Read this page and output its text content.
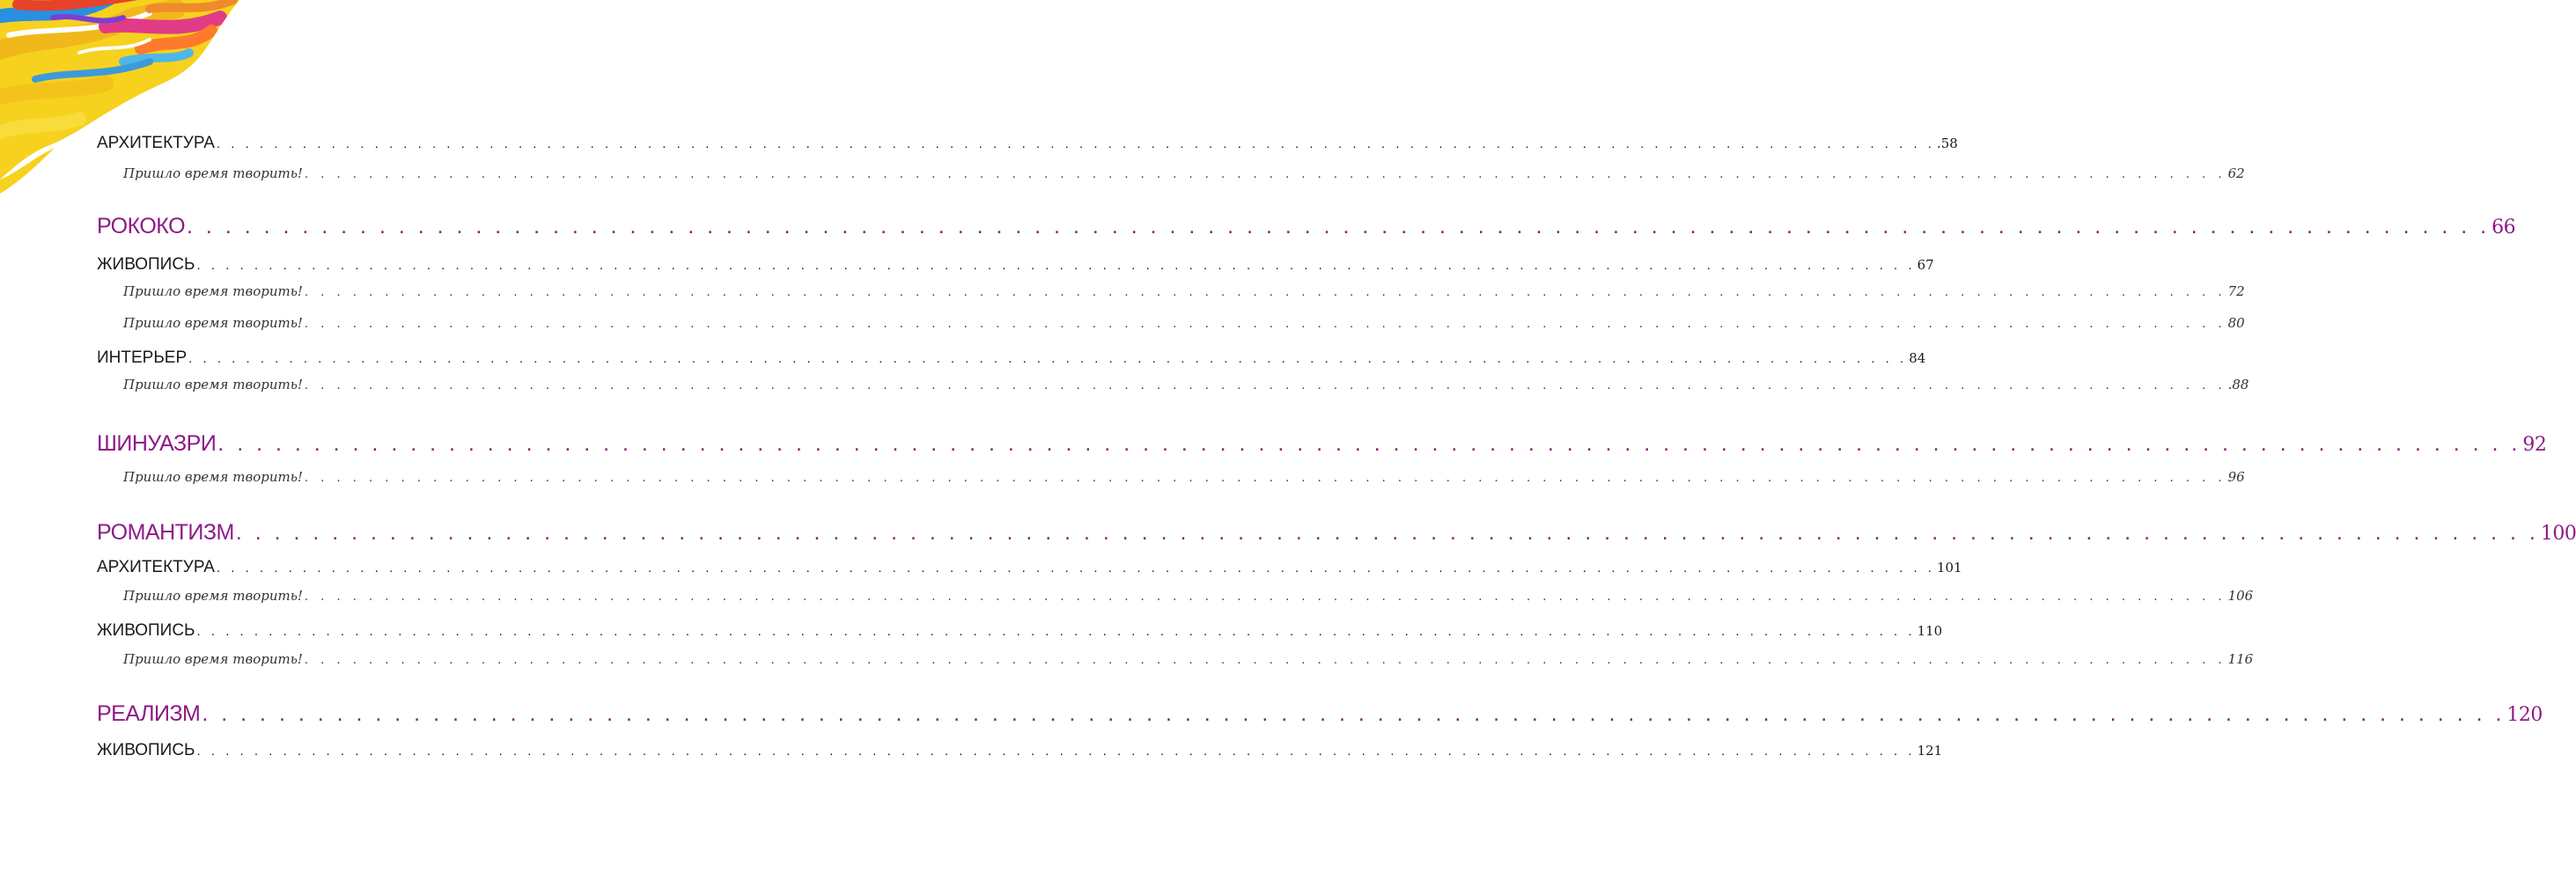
АРХИТЕКТУРА . . . . . . . . . . . . . . . . . . . . . . . . . . . . . . . . . . . . . . . . . . . . . . . . . . . . . . . . . . . . . . . . . . . . . . . . . . . . . . . . . . . . . . . . . . . . . . . . . . . . . . . . . . . . . . . . . . . . . . . . .58
Пришло время творить! . . . . . . . . . . . . . . . . . . . . . . . . . . . . . . . . . . . . . . . . . . . . . . . . . . . . . . . . . . . . . . . . . . . . . . . . . . . . . . . . . . . . . . . . . . . . . . . . . . . . . . . . . . . . . . . . . . . . . . . . 62
РОКОКО . . . . . . . . . . . . . . . . . . . . . . . . . . . . . . . . . . . . . . . . . . . . . . . . . . . . . . . . . . . . . . . . . . . . . . . . . . . . . . . . . . . . . . . . . . . . . . . . . . . . . . . . . . . . . . . . . . . . . . . . 66
ЖИВОПИСЬ . . . . . . . . . . . . . . . . . . . . . . . . . . . . . . . . . . . . . . . . . . . . . . . . . . . . . . . . . . . . . . . . . . . . . . . . . . . . . . . . . . . . . . . . . . . . . . . . . . . . . . . . . . . . . . . . . . . . . . . . 67
Пришло время творить! . . . . . . . . . . . . . . . . . . . . . . . . . . . . . . . . . . . . . . . . . . . . . . . . . . . . . . . . . . . . . . . . . . . . . . . . . . . . . . . . . . . . . . . . . . . . . . . . . . . . . . . . . . . . . . . . . . . . . . . . 72
Пришло время творить! . . . . . . . . . . . . . . . . . . . . . . . . . . . . . . . . . . . . . . . . . . . . . . . . . . . . . . . . . . . . . . . . . . . . . . . . . . . . . . . . . . . . . . . . . . . . . . . . . . . . . . . . . . . . . . . . . . . . . . . . 80
ИНТЕРЬЕР . . . . . . . . . . . . . . . . . . . . . . . . . . . . . . . . . . . . . . . . . . . . . . . . . . . . . . . . . . . . . . . . . . . . . . . . . . . . . . . . . . . . . . . . . . . . . . . . . . . . . . . . . . . . . . . . . . . . . . . . 84
Пришло время творить! . . . . . . . . . . . . . . . . . . . . . . . . . . . . . . . . . . . . . . . . . . . . . . . . . . . . . . . . . . . . . . . . . . . . . . . . . . . . . . . . . . . . . . . . . . . . . . . . . . . . . . . . . . . . . . . . . . . . . . . . .88
ШИНУАЗРИ . . . . . . . . . . . . . . . . . . . . . . . . . . . . . . . . . . . . . . . . . . . . . . . . . . . . . . . . . . . . . . . . . . . . . . . . . . . . . . . . . . . . . . . . . . . . . . . . . . . . . . . . . . . . . . . . . . . . . . . . 92
Пришло время творить! . . . . . . . . . . . . . . . . . . . . . . . . . . . . . . . . . . . . . . . . . . . . . . . . . . . . . . . . . . . . . . . . . . . . . . . . . . . . . . . . . . . . . . . . . . . . . . . . . . . . . . . . . . . . . . . . . . . . . . . . 96
РОМАНТИЗМ . . . . . . . . . . . . . . . . . . . . . . . . . . . . . . . . . . . . . . . . . . . . . . . . . . . . . . . . . . . . . . . . . . . . . . . . . . . . . . . . . . . . . . . . . . . . . . . . . . . . . . . . . . . . . . . . . . . . . . . . 100
АРХИТЕКТУРА . . . . . . . . . . . . . . . . . . . . . . . . . . . . . . . . . . . . . . . . . . . . . . . . . . . . . . . . . . . . . . . . . . . . . . . . . . . . . . . . . . . . . . . . . . . . . . . . . . . . . . . . . . . . . . . . . . . . . . . . 101
Пришло время творить! . . . . . . . . . . . . . . . . . . . . . . . . . . . . . . . . . . . . . . . . . . . . . . . . . . . . . . . . . . . . . . . . . . . . . . . . . . . . . . . . . . . . . . . . . . . . . . . . . . . . . . . . . . . . . . . . . . . . . . . . 106
ЖИВОПИСЬ . . . . . . . . . . . . . . . . . . . . . . . . . . . . . . . . . . . . . . . . . . . . . . . . . . . . . . . . . . . . . . . . . . . . . . . . . . . . . . . . . . . . . . . . . . . . . . . . . . . . . . . . . . . . . . . . . . . . . . . . 110
Пришло время творить! . . . . . . . . . . . . . . . . . . . . . . . . . . . . . . . . . . . . . . . . . . . . . . . . . . . . . . . . . . . . . . . . . . . . . . . . . . . . . . . . . . . . . . . . . . . . . . . . . . . . . . . . . . . . . . . . . . . . . . . . 116
РЕАЛИЗМ . . . . . . . . . . . . . . . . . . . . . . . . . . . . . . . . . . . . . . . . . . . . . . . . . . . . . . . . . . . . . . . . . . . . . . . . . . . . . . . . . . . . . . . . . . . . . . . . . . . . . . . . . . . . . . . . . . . . . . . . 120
ЖИВОПИСЬ . . . . . . . . . . . . . . . . . . . . . . . . . . . . . . . . . . . . . . . . . . . . . . . . . . . . . . . . . . . . . . . . . . . . . . . . . . . . . . . . . . . . . . . . . . . . . . . . . . . . . . . . . . . . . . . . . . . . . . . . 121
